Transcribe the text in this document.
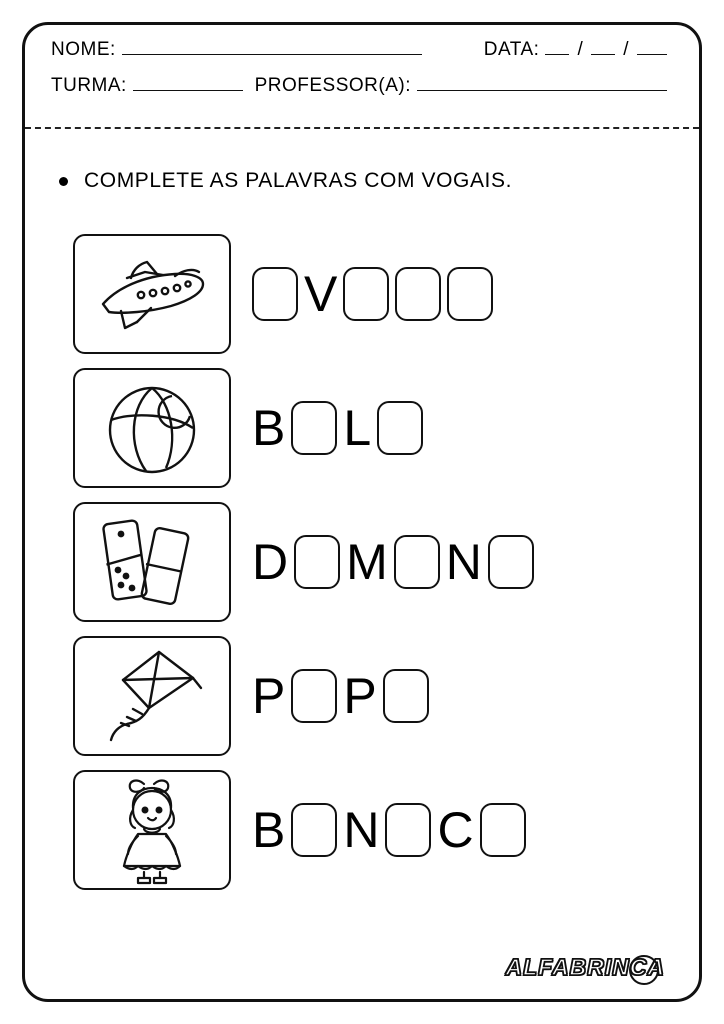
NOME:	DATA: / /
TURMA:	PROFESSOR(A):
COMPLETE AS PALAVRAS COM VOGAIS.
V
B L
D M N
P P
B N C
ALFABRINCA
